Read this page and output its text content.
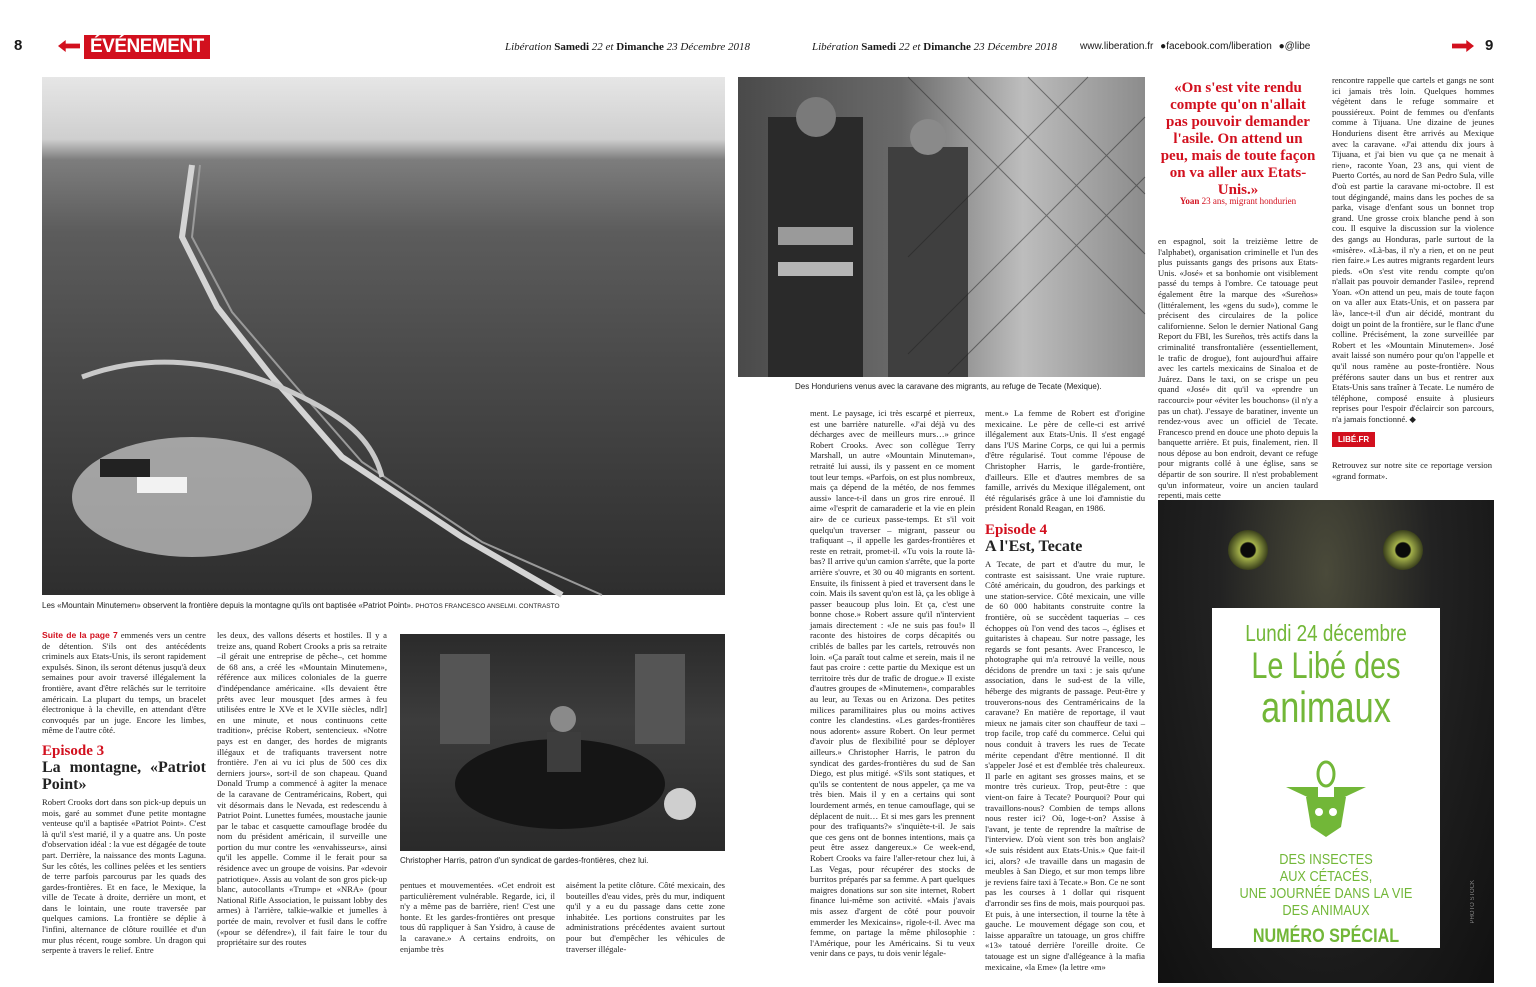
8	ÉVÉNEMENT	Libération Samedi 22 et Dimanche 23 Décembre 2018
Les «Mountain Minutemen» observent la frontière depuis la montagne qu'ils ont baptisée «Patriot Point». PHOTOS FRANCESCO ANSELMI. CONTRASTO

Suite de la page 7 emmenés vers un centre de détention. S'ils ont des antécédents criminels aux Etats-Unis, ils seront rapidement expulsés. Sinon, ils seront détenus jusqu'à deux semaines pour avoir traversé illégalement la frontière, avant d'être relâchés sur le territoire américain. La plupart du temps, un bracelet électronique à la cheville, en attendant d'être convoqués par un juge. Encore les limbes, même de l'autre côté.

Episode 3
La montagne, «Patriot Point»

Robert Crooks dort dans son pick-up depuis un mois, garé au sommet d'une petite montagne venteuse qu'il a baptisée «Patriot Point». C'est là qu'il s'est marié, il y a quatre ans. Un poste d'observation idéal : la vue est dégagée de toute part. Derrière, la naissance des monts Laguna. Sur les côtés, les collines pelées et les sentiers de terre parfois parcourus par les quads des gardes-frontières. Et en face, le Mexique, la ville de Tecate à droite, derrière un mont, et dans le lointain, une route traversée par quelques camions. La frontière se déplie à l'infini, alternance de clôture rouillée et d'un mur plus récent, rouge sombre. Un dragon qui serpente à travers le relief. Entre

les deux, des vallons déserts et hostiles. Il y a treize ans, quand Robert Crooks a pris sa retraite –il gérait une entreprise de pêche–, cet homme de 68 ans, a créé les «Mountain Minutemen», référence aux milices coloniales de la guerre d'indépendance américaine. «Ils devaient être prêts avec leur mousquet [des armes à feu utilisées entre le XVe et le XVIIe siècles, ndlr] en une minute, et nous continuons cette tradition», précise Robert, sentencieux. «Notre pays est en danger, des hordes de migrants illégaux et de trafiquants traversent notre frontière. J'en ai vu ici plus de 500 ces dix derniers jours», sort-il de son chapeau. Quand Donald Trump a commencé à agiter la menace de la caravane de Centraméricains, Robert, qui vit désormais dans le Nevada, est redescendu à Patriot Point. Lunettes fumées, moustache jaunie par le tabac et casquette camouflage brodée du nom du président américain, il surveille une portion du mur contre les «envahisseurs», ainsi qu'il les appelle. Comme il le ferait pour sa résidence avec un groupe de voisins. Par «devoir patriotique». Assis au volant de son gros pick-up blanc, autocollants «Trump» et «NRA» (pour National Rifle Association, le puissant lobby des armes) à l'arrière, talkie-walkie et jumelles à portée de main, revolver et fusil dans le coffre («pour se défendre»), il fait faire le tour du propriétaire sur des routes
Christopher Harris, patron d'un syndicat de gardes-frontières, chez lui.
pentues et mouvementées. «Cet endroit est particulièrement vulnérable. Regarde, ici, il n'y a même pas de barrière, rien! C'est une honte. Et les gardes-frontières ont presque tous dû rappliquer à San Ysidro, à cause de la caravane.» A certains endroits, on enjambe très
aisément la petite clôture. Côté mexicain, des bouteilles d'eau vides, près du mur, indiquent qu'il y a eu du passage dans cette zone inhabitée. Les portions construites par les administrations précédentes avaient surtout pour but d'empêcher les véhicules de traverser illégale-
Libération Samedi 22 et Dimanche 23 Décembre 2018 www.liberation.fr ●facebook.com/liberation ●@libe	9
Des Honduriens venus avec la caravane des migrants, au refuge de Tecate (Mexique).
«On s'est vite rendu compte qu'on n'allait pas pouvoir demander l'asile. On attend un peu, mais de toute façon on va aller aux Etats-Unis.»
Yoan 23 ans, migrant hondurien
ment. Le paysage, ici très escarpé et pierreux, est une barrière naturelle. «J'ai déjà vu des décharges avec de meilleurs murs…» grince Robert Crooks. Avec son collègue Terry Marshall, un autre «Mountain Minuteman», retraité lui aussi, ils y passent en ce moment tout leur temps. «Parfois, on est plus nombreux, mais ça dépend de la météo, de nos femmes aussi» lance-t-il dans un gros rire enroué. Il aime «l'esprit de camaraderie et la vie en plein air» de ce curieux passe-temps. Et s'il voit quelqu'un traverser – migrant, passeur ou trafiquant –, il appelle les gardes-frontières et reste en retrait, promet-il. «Tu vois la route là-bas? Il arrive qu'un camion s'arrête, que la porte arrière s'ouvre, et 30 ou 40 migrants en sortent. Ensuite, ils finissent à pied et traversent dans le coin. Mais ils savent qu'on est là, ça les oblige à passer beaucoup plus loin. Et ça, c'est une bonne chose.» Robert assure qu'il n'intervient jamais directement : «Je ne suis pas fou!» Il raconte des histoires de corps décapités ou criblés de balles par les cartels, retrouvés non loin. «Ça paraît tout calme et serein, mais il ne faut pas croire : cette partie du Mexique est un territoire très dur de trafic de drogue.» Il existe d'autres groupes de «Minutemen», comparables au leur, au Texas ou en Arizona. Des petites milices paramilitaires plus ou moins actives contre les clandestins. «Les gardes-frontières nous adorent» assure Robert. On leur permet d'avoir plus de flexibilité pour se déployer ailleurs.» Christopher Harris, le patron du syndicat des gardes-frontières du sud de San Diego, est plus mitigé. «S'ils sont statiques, et qu'ils se contentent de nous appeler, ça me va très bien. Mais il y en a certains qui sont lourdement armés, en tenue camouflage, qui se déplacent de nuit… Et si mes gars les prennent pour des trafiquants?» s'inquiète-t-il. Je sais que ces gens ont de bonnes intentions, mais ça peut être assez dangereux.» Ce week-end, Robert Crooks va faire l'aller-retour chez lui, à Las Vegas, pour récupérer des stocks de burritos préparés par sa femme. A part quelques maigres donations sur son site internet, Robert finance lui-même son activité. «Mais j'avais mis assez d'argent de côté pour pouvoir emmerder les Mexicains», rigole-t-il. Avec ma femme, on partage la même philosophie : l'Amérique, pour les Américains. Si tu veux venir dans ce pays, tu dois venir légale-

ment.» La femme de Robert est d'origine mexicaine. Le père de celle-ci est arrivé illégalement aux Etats-Unis. Il s'est engagé dans l'US Marine Corps, ce qui lui a permis d'être régularisé. Tout comme l'épouse de Christopher Harris, le garde-frontière, d'ailleurs. Elle et d'autres membres de sa famille, arrivés du Mexique illégalement, ont été régularisés grâce à une loi d'amnistie du président Ronald Reagan, en 1986.

Episode 4
A l'Est, Tecate

A Tecate, de part et d'autre du mur, le contraste est saisissant. Une vraie rupture. Côté américain, du goudron, des parkings et une station-service. Côté mexicain, une ville de 60 000 habitants construite contre la frontière, où se succèdent taquerias – ces échoppes où l'on vend des tacos –, églises et guitaristes à chapeau. Sur notre passage, les regards se font pesants. Avec Francesco, le photographe qui m'a retrouvé la veille, nous décidons de prendre un taxi : je sais qu'une association, dans le sud-est de la ville, héberge des migrants de passage. Peut-être y trouverons-nous des Centraméricains de la caravane? En matière de reportage, il vaut mieux ne jamais citer son chauffeur de taxi – trop facile, trop café du commerce. Celui qui nous conduit à travers les rues de Tecate mérite cependant d'être mentionné. Il dit s'appeler José et est d'emblée très chaleureux. Il parle en agitant ses grosses mains, et se montre très curieux. Trop, peut-être : que vient-on faire à Tecate? Pourquoi? Pour qui travaillons-nous? Combien de temps allons nous rester ici? Où, loge-t-on? Assise à l'avant, je tente de reprendre la maîtrise de l'interview. D'où vient son très bon anglais? «Je suis résident aux Etats-Unis.» Que fait-il ici, alors? «Je travaille dans un magasin de meubles à San Diego, et sur mon temps libre je reviens faire taxi à Tecate.» Bon. Ce ne sont pas les courses à 1 dollar qui risquent d'arrondir ses fins de mois, mais pourquoi pas. Et puis, à une intersection, il tourne la tête à gauche. Le mouvement dégage son cou, et laisse apparaître un tatouage, un gros chiffre «13» tatoué derrière l'oreille droite. Ce tatouage est un signe d'allégeance à la mafia mexicaine, «la Eme» (la lettre «m»

en espagnol, soit la treizième lettre de l'alphabet), organisation criminelle et l'un des plus puissants gangs des prisons aux Etats-Unis. «José» et sa bonhomie ont visiblement passé du temps à l'ombre. Ce tatouage peut également être la marque des «Sureños» (littéralement, les «gens du sud»), comme le précisent des circulaires de la police californienne. Selon le dernier National Gang Report du FBI, les Sureños, très actifs dans la criminalité transfrontalière (essentiellement, le trafic de drogue), font aujourd'hui affaire avec les cartels mexicains de Sinaloa et de Juárez. Dans le taxi, on se crispe un peu quand «José» dit qu'il va «prendre un raccourci» pour «éviter les bouchons» (il n'y a pas un chat). J'essaye de baratiner, invente un rendez-vous avec un officiel de Tecate. Francesco prend en douce une photo depuis la banquette arrière. Et puis, finalement, rien. Il nous dépose au bon endroit, devant ce refuge pour migrants collé à une église, sans se départir de son sourire. Il n'est probablement qu'un informateur, voire un ancien taulard repenti, mais cette
rencontre rappelle que cartels et gangs ne sont ici jamais très loin. Quelques hommes végètent dans le refuge sommaire et poussiéreux. Point de femmes ou d'enfants comme à Tijuana. Une dizaine de jeunes Honduriens disent être arrivés au Mexique avec la caravane. «J'ai attendu dix jours à Tijuana, et j'ai bien vu que ça ne menait à rien», raconte Yoan, 23 ans, qui vient de Puerto Cortés, au nord de San Pedro Sula, ville d'où est partie la caravane mi-octobre. Il est tout dégingandé, mains dans les poches de sa parka, visage d'enfant sous un bonnet trop grand. Une grosse croix blanche pend à son cou. Il esquive la discussion sur la violence des gangs au Honduras, parle surtout de la «misère». «Là-bas, il n'y a rien, et on ne peut rien faire.» Les autres migrants regardent leurs pieds. «On s'est vite rendu compte qu'on n'allait pas pouvoir demander l'asile», reprend Yoan. «On attend un peu, mais de toute façon on va aller aux Etats-Unis, et on passera par là», lance-t-il d'un air décidé, montrant du doigt un point de la frontière, sur le flanc d'une colline. Précisément, la zone surveillée par Robert et les «Mountain Minutemen». José avait laissé son numéro pour qu'on l'appelle et qu'il nous ramène au poste-frontière. Nous préférons sauter dans un bus et rentrer aux Etats-Unis sans traîner à Tecate. Le numéro de téléphone, composé ensuite à plusieurs reprises pour l'espoir d'éclaircir son parcours, n'a jamais fonctionné. ◆
LIBÉ.FR
Retrouvez sur notre site ce reportage version «grand format».
Lundi 24 décembre
Le Libé des
animaux
DES INSECTES
AUX CÉTACÉS,
UNE JOURNÉE DANS LA VIE
DES ANIMAUX
NUMÉRO SPÉCIAL
PHOTO STOCK
